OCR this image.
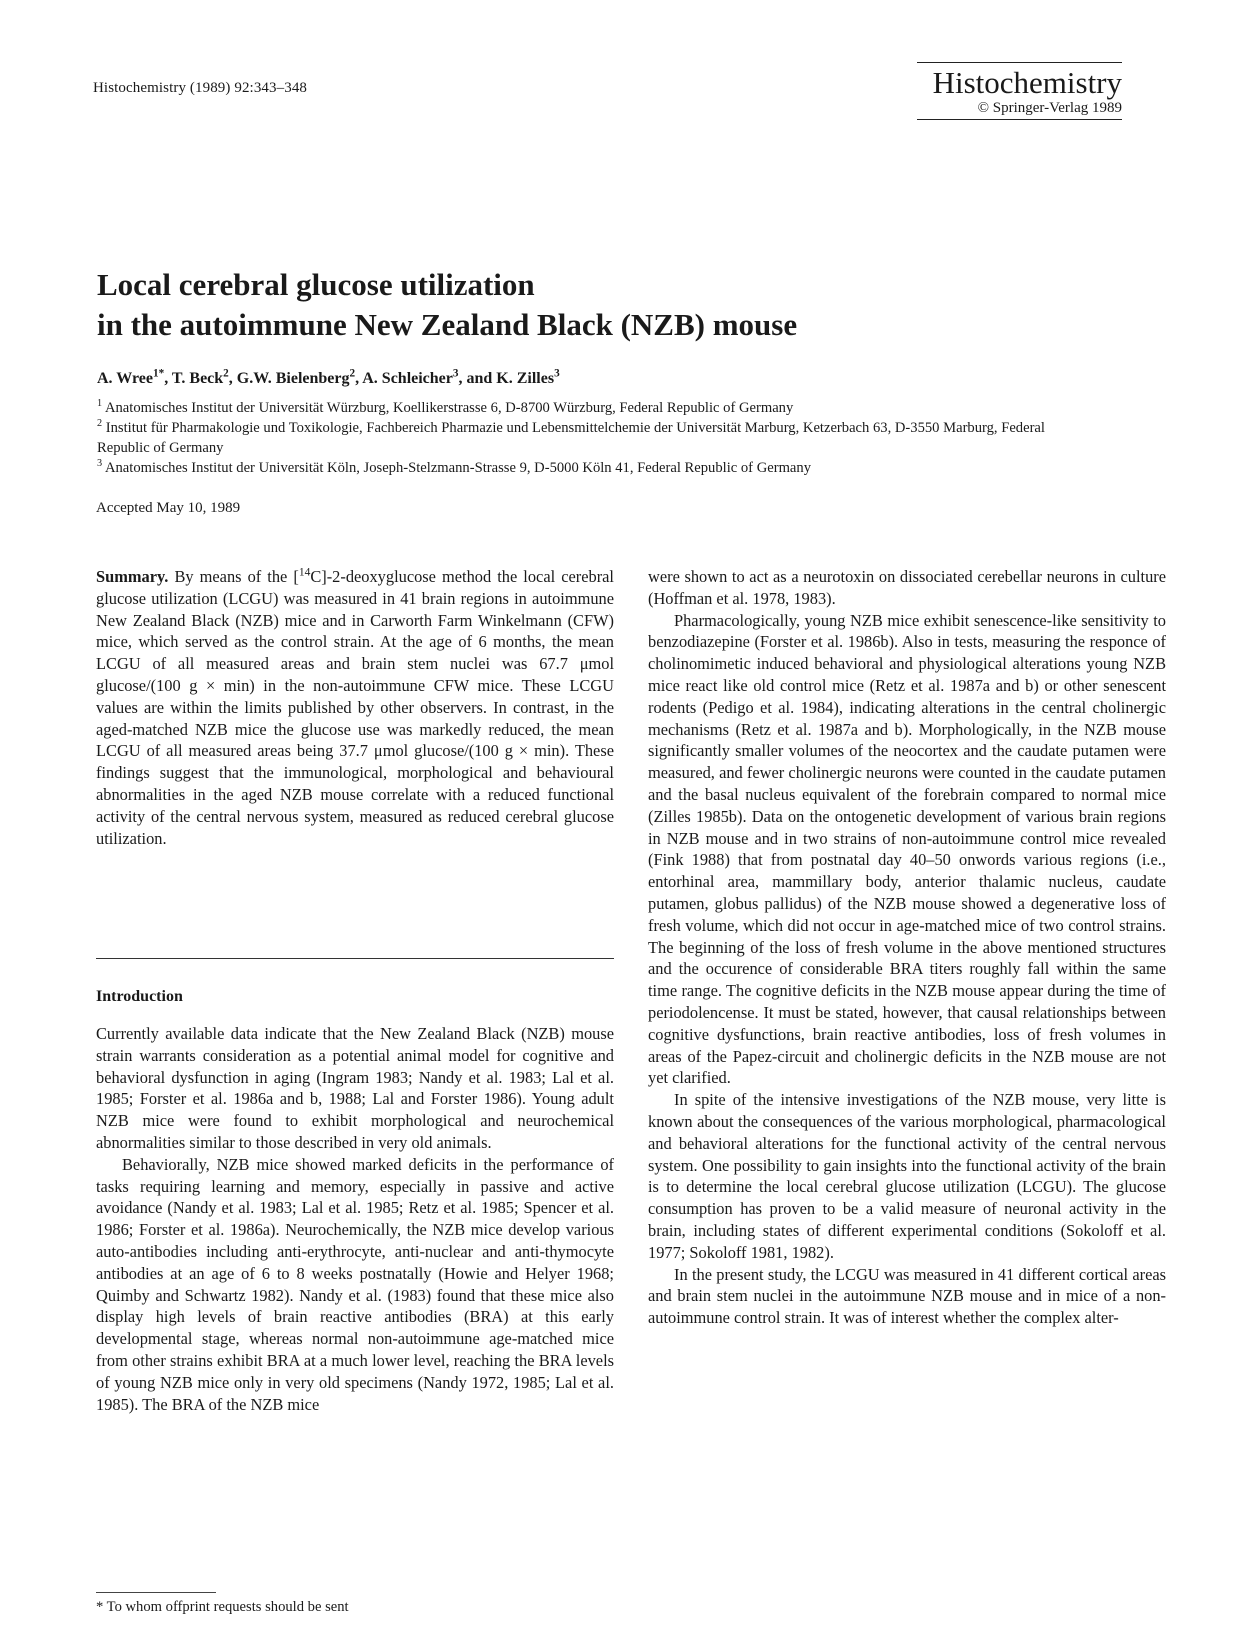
Histochemistry (1989) 92:343–348	Histochemistry
© Springer-Verlag 1989
Local cerebral glucose utilization
in the autoimmune New Zealand Black (NZB) mouse
A. Wree$^{1*}$, T. Beck$^2$, G.W. Bielenberg$^2$, A. Schleicher$^3$, and K. Zilles$^3$

$^1$ Anatomisches Institut der Universität Würzburg, Koellikerstrasse 6, D-8700 Würzburg, Federal Republic of Germany

$^2$ Institut für Pharmakologie und Toxikologie, Fachbereich Pharmazie und Lebensmittelchemie der Universität Marburg, Ketzerbach 63, D-3550 Marburg, Federal Republic of Germany

$^3$ Anatomisches Institut der Universität Köln, Joseph-Stelzmann-Strasse 9, D-5000 Köln 41, Federal Republic of Germany

Accepted May 10, 1989

Summary. By means of the [$^{14}$C]-2-deoxyglucose method the local cerebral glucose utilization (LCGU) was measured in 41 brain regions in autoimmune New Zealand Black (NZB) mice and in Carworth Farm Winkelmann (CFW) mice, which served as the control strain. At the age of 6 months, the mean LCGU of all measured areas and brain stem nuclei was 67.7 μmol glucose/(100 g × min) in the non-autoimmune CFW mice. These LCGU values are within the limits published by other observers. In contrast, in the aged-matched NZB mice the glucose use was markedly reduced, the mean LCGU of all measured areas being 37.7 μmol glucose/(100 g × min). These findings suggest that the immunological, morphological and behavioural abnormalities in the aged NZB mouse correlate with a reduced functional activity of the central nervous system, measured as reduced cerebral glucose utilization.

Introduction

Currently available data indicate that the New Zealand Black (NZB) mouse strain warrants consideration as a potential animal model for cognitive and behavioral dysfunction in aging (Ingram 1983; Nandy et al. 1983; Lal et al. 1985; Forster et al. 1986a and b, 1988; Lal and Forster 1986). Young adult NZB mice were found to exhibit morphological and neurochemical abnormalities similar to those described in very old animals.

Behaviorally, NZB mice showed marked deficits in the performance of tasks requiring learning and memory, especially in passive and active avoidance (Nandy et al. 1983; Lal et al. 1985; Retz et al. 1985; Spencer et al. 1986; Forster et al. 1986a). Neurochemically, the NZB mice develop various auto-antibodies including anti-erythrocyte, anti-nuclear and anti-thymocyte antibodies at an age of 6 to 8 weeks postnatally (Howie and Helyer 1968; Quimby and Schwartz 1982). Nandy et al. (1983) found that these mice also display high levels of brain reactive antibodies (BRA) at this early developmental stage, whereas normal non-autoimmune age-matched mice from other strains exhibit BRA at a much lower level, reaching the BRA levels of young NZB mice only in very old specimens (Nandy 1972, 1985; Lal et al. 1985). The BRA of the NZB mice

were shown to act as a neurotoxin on dissociated cerebellar neurons in culture (Hoffman et al. 1978, 1983).

Pharmacologically, young NZB mice exhibit senescence-like sensitivity to benzodiazepine (Forster et al. 1986b). Also in tests, measuring the responce of cholinomimetic induced behavioral and physiological alterations young NZB mice react like old control mice (Retz et al. 1987a and b) or other senescent rodents (Pedigo et al. 1984), indicating alterations in the central cholinergic mechanisms (Retz et al. 1987a and b). Morphologically, in the NZB mouse significantly smaller volumes of the neocortex and the caudate putamen were measured, and fewer cholinergic neurons were counted in the caudate putamen and the basal nucleus equivalent of the forebrain compared to normal mice (Zilles 1985b). Data on the ontogenetic development of various brain regions in NZB mouse and in two strains of non-autoimmune control mice revealed (Fink 1988) that from postnatal day 40–50 onwords various regions (i.e., entorhinal area, mammillary body, anterior thalamic nucleus, caudate putamen, globus pallidus) of the NZB mouse showed a degenerative loss of fresh volume, which did not occur in age-matched mice of two control strains. The beginning of the loss of fresh volume in the above mentioned structures and the occurence of considerable BRA titers roughly fall within the same time range. The cognitive deficits in the NZB mouse appear during the time of periodolencense. It must be stated, however, that causal relationships between cognitive dysfunctions, brain reactive antibodies, loss of fresh volumes in areas of the Papez-circuit and cholinergic deficits in the NZB mouse are not yet clarified.

In spite of the intensive investigations of the NZB mouse, very litte is known about the consequences of the various morphological, pharmacological and behavioral alterations for the functional activity of the central nervous system. One possibility to gain insights into the functional activity of the brain is to determine the local cerebral glucose utilization (LCGU). The glucose consumption has proven to be a valid measure of neuronal activity in the brain, including states of different experimental conditions (Sokoloff et al. 1977; Sokoloff 1981, 1982).

In the present study, the LCGU was measured in 41 different cortical areas and brain stem nuclei in the autoimmune NZB mouse and in mice of a non-autoimmune control strain. It was of interest whether the complex alter-

* To whom offprint requests should be sent
